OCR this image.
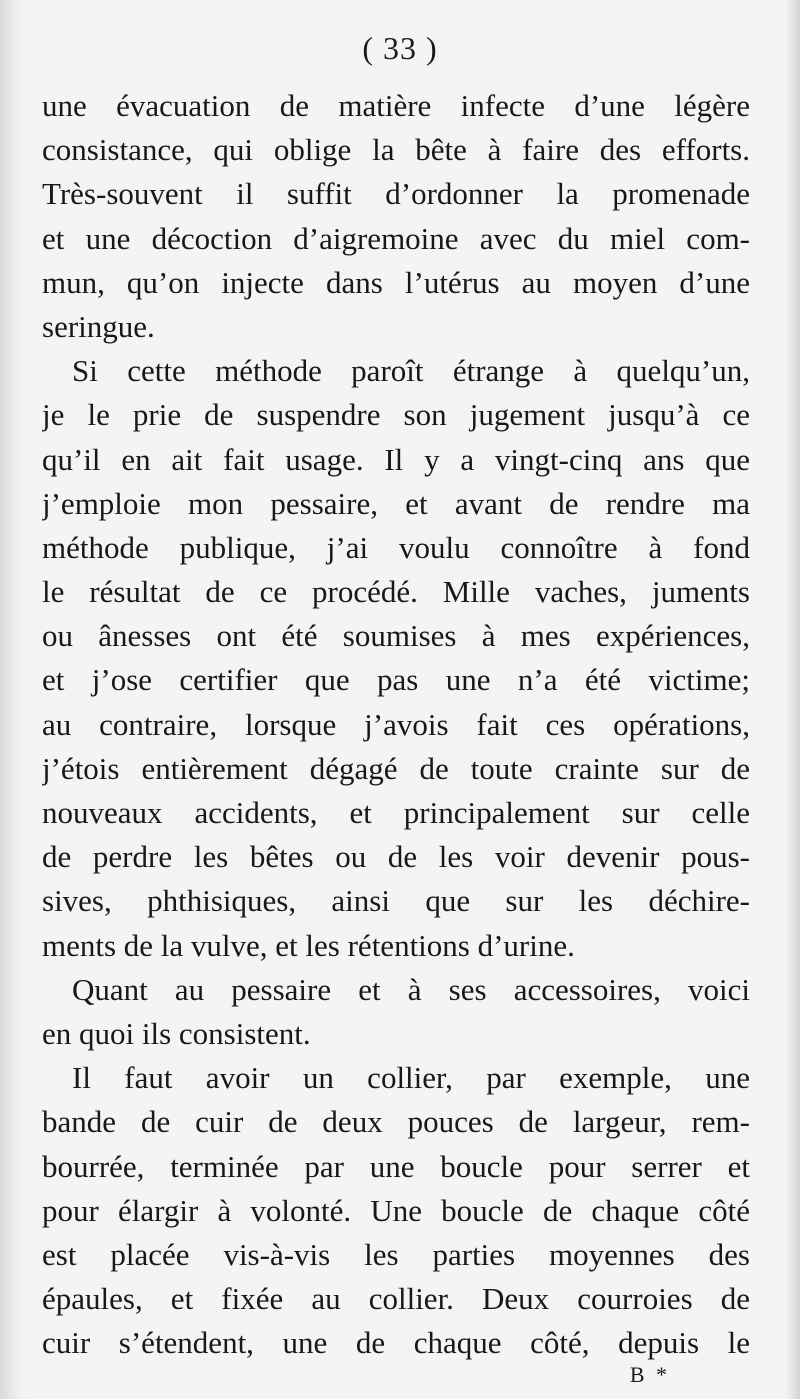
( 33 )
une évacuation de matière infecte d’une légère
consistance, qui oblige la bête à faire des efforts.
Très-souvent il suffit d’ordonner la promenade
et une décoction d’aigremoine avec du miel com-
mun, qu’on injecte dans l’utérus au moyen d’une
seringue.
Si cette méthode paroît étrange à quelqu’un,
je le prie de suspendre son jugement jusqu’à ce
qu’il en ait fait usage. Il y a vingt-cinq ans que
j’emploie mon pessaire, et avant de rendre ma
méthode publique, j’ai voulu connoître à fond
le résultat de ce procédé. Mille vaches, juments
ou ânesses ont été soumises à mes expériences,
et j’ose certifier que pas une n’a été victime;
au contraire, lorsque j’avois fait ces opérations,
j’étois entièrement dégagé de toute crainte sur de
nouveaux accidents, et principalement sur celle
de perdre les bêtes ou de les voir devenir pous-
sives, phthisiques, ainsi que sur les déchire-
ments de la vulve, et les rétentions d’urine.
Quant au pessaire et à ses accessoires, voici
en quoi ils consistent.
Il faut avoir un collier, par exemple, une
bande de cuir de deux pouces de largeur, rem-
bourrée, terminée par une boucle pour serrer et
pour élargir à volonté. Une boucle de chaque côté
est placée vis-à-vis les parties moyennes des
épaules, et fixée au collier. Deux courroies de
cuir s’étendent, une de chaque côté, depuis le
B *
